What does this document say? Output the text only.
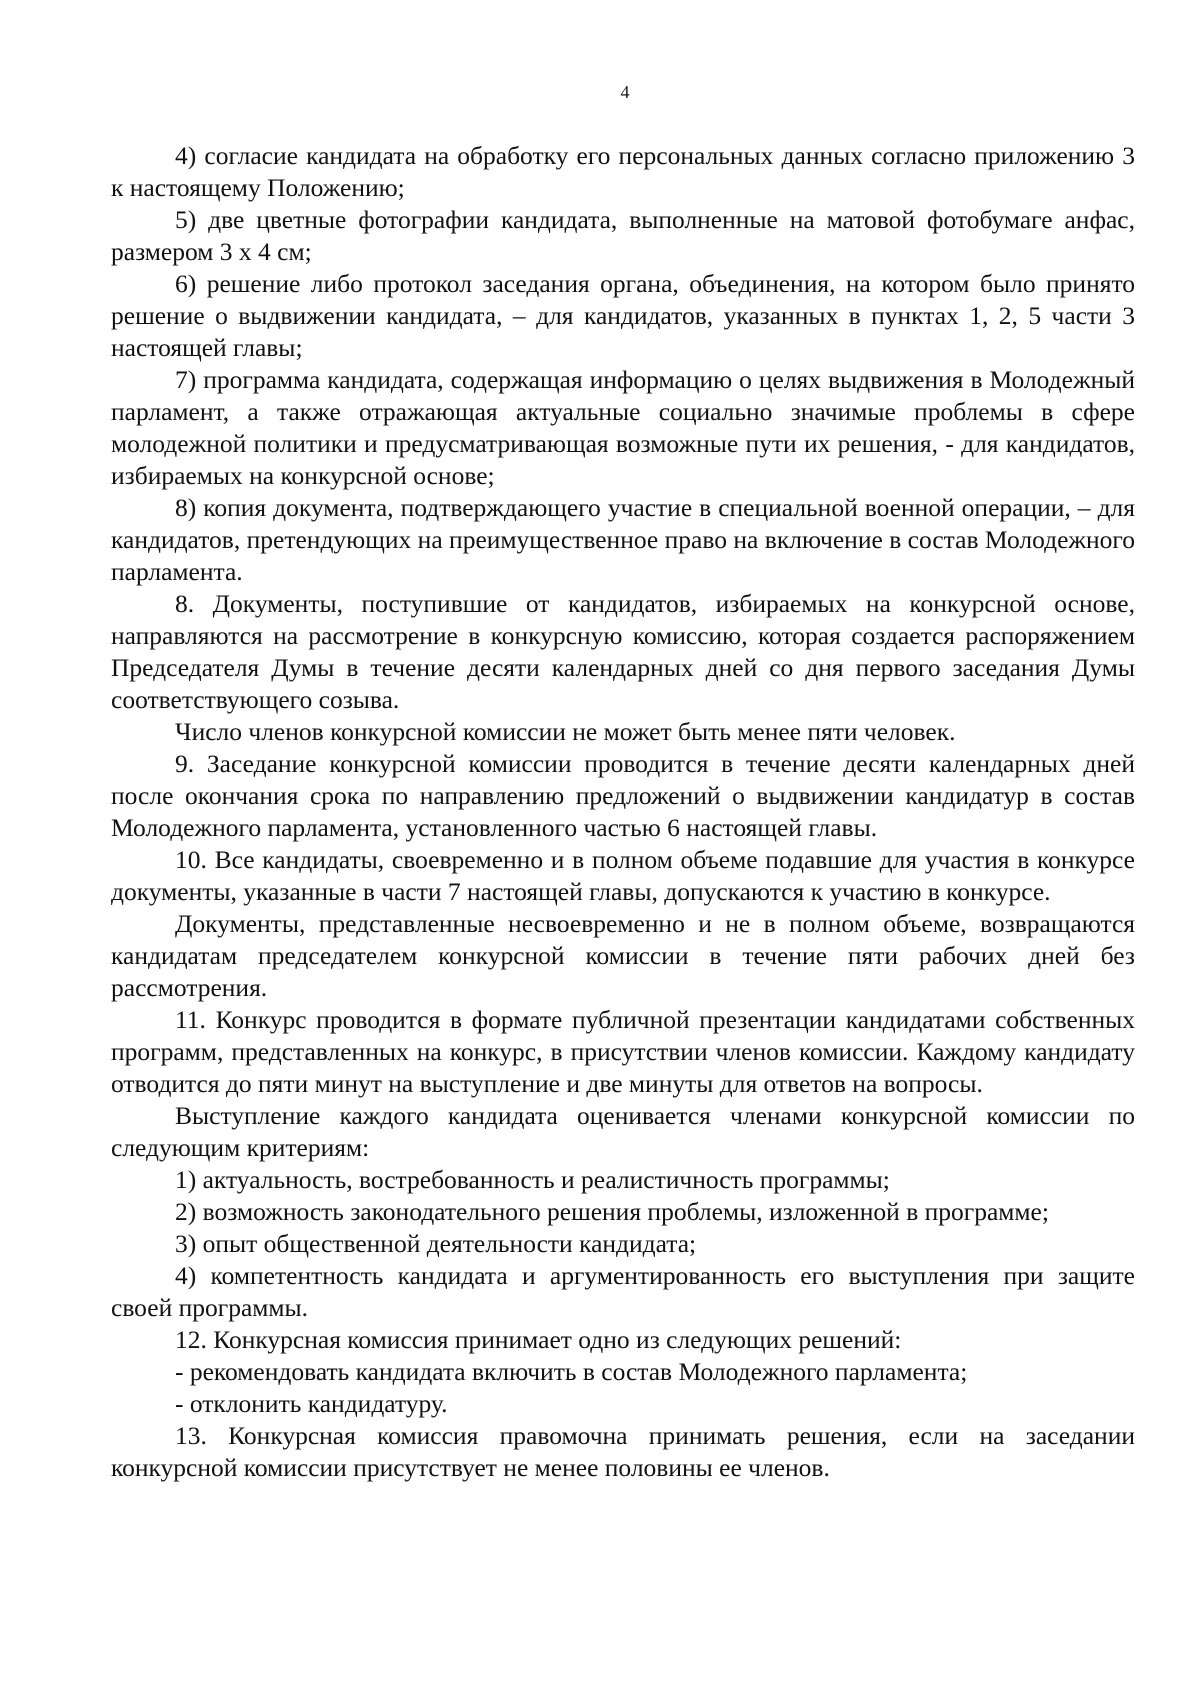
4

4) согласие кандидата на обработку его персональных данных согласно приложению 3 к настоящему Положению;

5) две цветные фотографии кандидата, выполненные на матовой фотобумаге анфас, размером 3 х 4 см;

6) решение либо протокол заседания органа, объединения, на котором было принято решение о выдвижении кандидата, – для кандидатов, указанных в пунктах 1, 2, 5 части 3 настоящей главы;

7) программа кандидата, содержащая информацию о целях выдвижения в Молодежный парламент, а также отражающая актуальные социально значимые проблемы в сфере молодежной политики и предусматривающая возможные пути их решения, - для кандидатов, избираемых на конкурсной основе;

8) копия документа, подтверждающего участие в специальной военной операции, – для кандидатов, претендующих на преимущественное право на включение в состав Молодежного парламента.

8. Документы, поступившие от кандидатов, избираемых на конкурсной основе, направляются на рассмотрение в конкурсную комиссию, которая создается распоряжением Председателя Думы в течение десяти календарных дней со дня первого заседания Думы соответствующего созыва.

Число членов конкурсной комиссии не может быть менее пяти человек.

9. Заседание конкурсной комиссии проводится в течение десяти календарных дней после окончания срока по направлению предложений о выдвижении кандидатур в состав Молодежного парламента, установленного частью 6 настоящей главы.

10. Все кандидаты, своевременно и в полном объеме подавшие для участия в конкурсе документы, указанные в части 7 настоящей главы, допускаются к участию в конкурсе.

Документы, представленные несвоевременно и не в полном объеме, возвращаются кандидатам председателем конкурсной комиссии в течение пяти рабочих дней без рассмотрения.

11. Конкурс проводится в формате публичной презентации кандидатами собственных программ, представленных на конкурс, в присутствии членов комиссии. Каждому кандидату отводится до пяти минут на выступление и две минуты для ответов на вопросы.

Выступление каждого кандидата оценивается членами конкурсной комиссии по следующим критериям:

1) актуальность, востребованность и реалистичность программы;

2) возможность законодательного решения проблемы, изложенной в программе;

3) опыт общественной деятельности кандидата;

4) компетентность кандидата и аргументированность его выступления при защите своей программы.

12. Конкурсная комиссия принимает одно из следующих решений:

- рекомендовать кандидата включить в состав Молодежного парламента;

- отклонить кандидатуру.

13. Конкурсная комиссия правомочна принимать решения, если на заседании конкурсной комиссии присутствует не менее половины ее членов.
